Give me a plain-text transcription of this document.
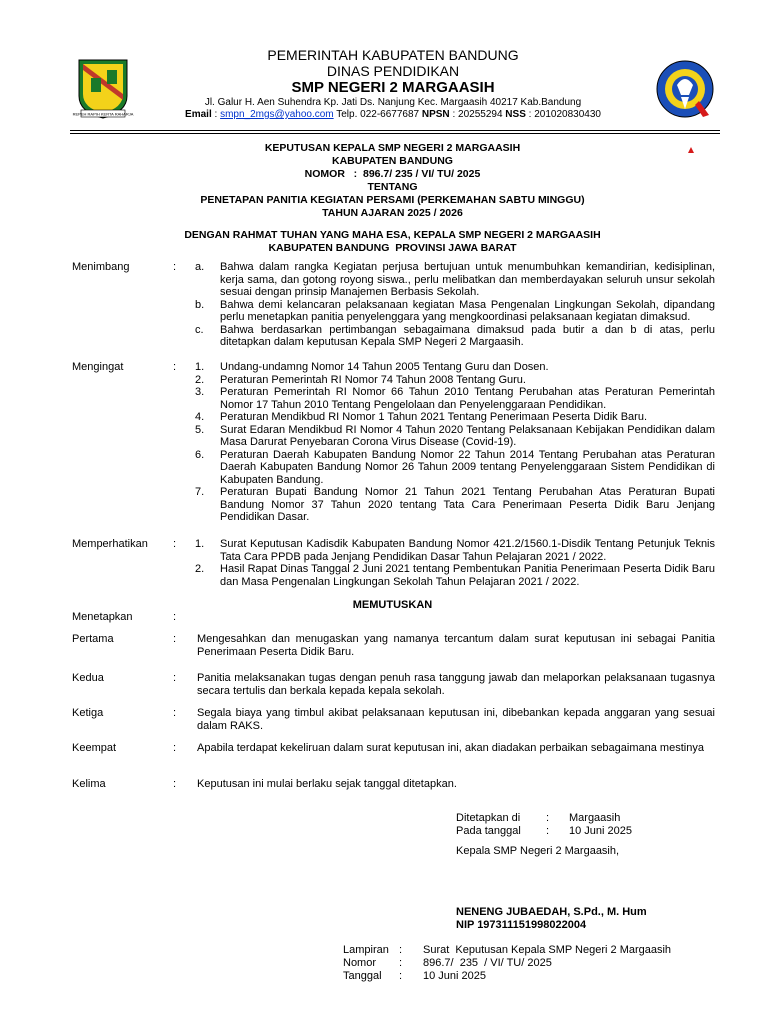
REPEH RAPIH KERTA RAHARJA
PEMERINTAH KABUPATEN BANDUNG
DINAS PENDIDIKAN
SMP NEGERI 2 MARGAASIH
Jl. Galur H. Aen Suhendra Kp. Jati Ds. Nanjung Kec. Margaasih 40217 Kab.Bandung
Email : smpn_2mgs@yahoo.com Telp. 022-6677687 NPSN : 20255294 NSS : 201020830430
KEPUTUSAN KEPALA SMP NEGERI 2 MARGAASIH
KABUPATEN BANDUNG
NOMOR   :  896.7/ 235 / VI/ TU/ 2025
TENTANG
PENETAPAN PANITIA KEGIATAN PERSAMI (PERKEMAHAN SABTU MINGGU)
TAHUN AJARAN 2025 / 2026
DENGAN RAHMAT TUHAN YANG MAHA ESA, KEPALA SMP NEGERI 2 MARGAASIH
KABUPATEN BANDUNG  PROVINSI JAWA BARAT
Menimbang	: a. Bahwa dalam rangka Kegiatan perjusa bertujuan untuk menumbuhkan kemandirian, kedisiplinan, kerja sama, dan gotong royong siswa., perlu melibatkan dan memberdayakan seluruh unsur sekolah sesuai dengan prinsip Manajemen Berbasis Sekolah.
b. Bahwa demi kelancaran pelaksanaan kegiatan Masa Pengenalan Lingkungan Sekolah, dipandang perlu menetapkan panitia penyelenggara yang mengkoordinasi pelaksanaan kegiatan dimaksud.
c. Bahwa berdasarkan pertimbangan sebagaimana dimaksud pada butir a dan b di atas, perlu ditetapkan dalam keputusan Kepala SMP Negeri 2 Margaasih.
Mengingat	: 1. Undang-undamng Nomor 14 Tahun 2005 Tentang Guru dan Dosen.
2. Peraturan Pemerintah RI Nomor 74 Tahun 2008 Tentang Guru.
3. Peraturan Pemerintah RI Nomor 66 Tahun 2010 Tentang Perubahan atas Peraturan Pemerintah Nomor 17 Tahun 2010 Tentang Pengelolaan dan Penyelenggaraan Pendidikan.
4. Peraturan Mendikbud RI Nomor 1 Tahun 2021 Tentang Penerimaan Peserta Didik Baru.
5. Surat Edaran Mendikbud RI Nomor 4 Tahun 2020 Tentang Pelaksanaan Kebijakan Pendidikan dalam Masa Darurat Penyebaran Corona Virus Disease (Covid-19).
6. Peraturan Daerah Kabupaten Bandung Nomor 22 Tahun 2014 Tentang Perubahan atas Peraturan Daerah Kabupaten Bandung Nomor 26 Tahun 2009 tentang Penyelenggaraan Sistem Pendidikan di Kabupaten Bandung.
7. Peraturan Bupati Bandung Nomor 21 Tahun 2021 Tentang Perubahan Atas Peraturan Bupati Bandung Nomor 37 Tahun 2020 tentang Tata Cara Penerimaan Peserta Didik Baru Jenjang Pendidikan Dasar.
Memperhatikan : 1. Surat Keputusan Kadisdik Kabupaten Bandung Nomor 421.2/1560.1-Disdik Tentang Petunjuk Teknis Tata Cara PPDB pada Jenjang Pendidikan Dasar Tahun Pelajaran 2021 / 2022.
2. Hasil Rapat Dinas Tanggal 2 Juni 2021 tentang Pembentukan Panitia Penerimaan Peserta Didik Baru dan Masa Pengenalan Lingkungan Sekolah Tahun Pelajaran 2021 / 2022.
MEMUTUSKAN
Menetapkan	:
Pertama	: Mengesahkan dan menugaskan yang namanya tercantum dalam surat keputusan ini sebagai Panitia Penerimaan Peserta Didik Baru.
Kedua	: Panitia melaksanakan tugas dengan penuh rasa tanggung jawab dan melaporkan pelaksanaan tugasnya secara tertulis dan berkala kepada kepala sekolah.
Ketiga	: Segala biaya yang timbul akibat pelaksanaan keputusan ini, dibebankan kepada anggaran yang sesuai dalam RAKS.
Keempat	: Apabila terdapat kekeliruan dalam surat keputusan ini, akan diadakan perbaikan sebagaimana mestinya
Kelima	: Keputusan ini mulai berlaku sejak tanggal ditetapkan.
Ditetapkan di : Margaasih
Pada tanggal : 10 Juni 2025
Kepala SMP Negeri 2 Margaasih,
NENENG JUBAEDAH, S.Pd., M. Hum
NIP 197311151998022004
Lampiran : Surat  Keputusan Kepala SMP Negeri 2 Margaasih
Nomor : 896.7/  235  / VI/ TU/ 2025
Tanggal : 10 Juni 2025
